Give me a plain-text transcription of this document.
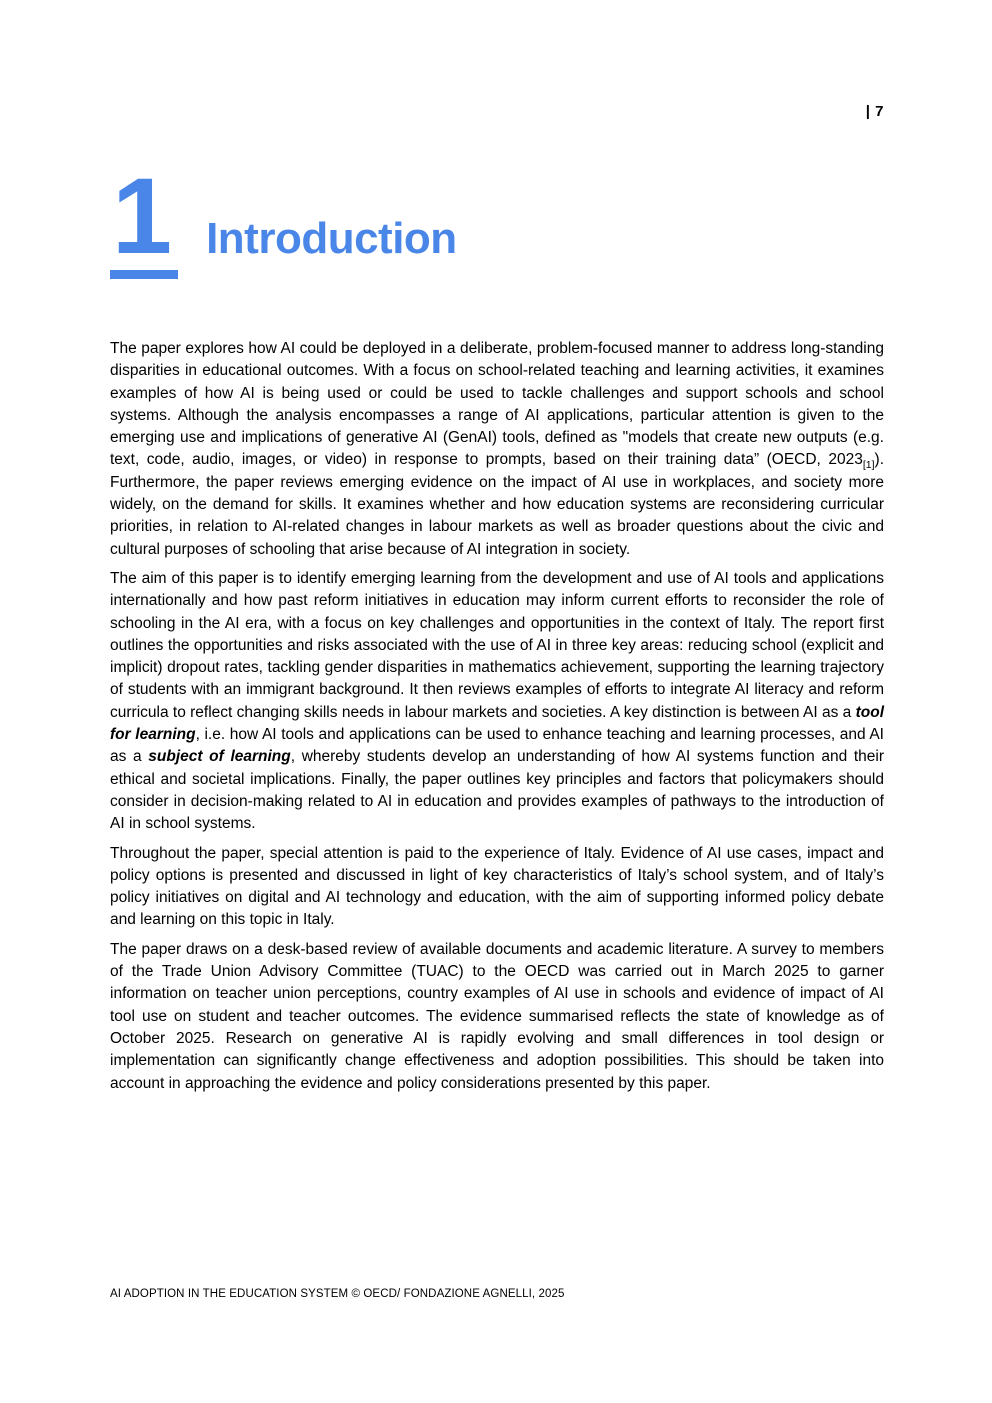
| 7
1 Introduction

The paper explores how AI could be deployed in a deliberate, problem-focused manner to address long-standing disparities in educational outcomes. With a focus on school-related teaching and learning activities, it examines examples of how AI is being used or could be used to tackle challenges and support schools and school systems. Although the analysis encompasses a range of AI applications, particular attention is given to the emerging use and implications of generative AI (GenAI) tools, defined as "models that create new outputs (e.g. text, code, audio, images, or video) in response to prompts, based on their training data” (OECD, $2023_{[1]}$). Furthermore, the paper reviews emerging evidence on the impact of AI use in workplaces, and society more widely, on the demand for skills. It examines whether and how education systems are reconsidering curricular priorities, in relation to AI-related changes in labour markets as well as broader questions about the civic and cultural purposes of schooling that arise because of AI integration in society.

The aim of this paper is to identify emerging learning from the development and use of AI tools and applications internationally and how past reform initiatives in education may inform current efforts to reconsider the role of schooling in the AI era, with a focus on key challenges and opportunities in the context of Italy. The report first outlines the opportunities and risks associated with the use of AI in three key areas: reducing school (explicit and implicit) dropout rates, tackling gender disparities in mathematics achievement, supporting the learning trajectory of students with an immigrant background. It then reviews examples of efforts to integrate AI literacy and reform curricula to reflect changing skills needs in labour markets and societies. A key distinction is between AI as a tool for learning, i.e. how AI tools and applications can be used to enhance teaching and learning processes, and AI as a subject of learning, whereby students develop an understanding of how AI systems function and their ethical and societal implications. Finally, the paper outlines key principles and factors that policymakers should consider in decision-making related to AI in education and provides examples of pathways to the introduction of AI in school systems.

Throughout the paper, special attention is paid to the experience of Italy. Evidence of AI use cases, impact and policy options is presented and discussed in light of key characteristics of Italy’s school system, and of Italy’s policy initiatives on digital and AI technology and education, with the aim of supporting informed policy debate and learning on this topic in Italy.

The paper draws on a desk-based review of available documents and academic literature. A survey to members of the Trade Union Advisory Committee (TUAC) to the OECD was carried out in March 2025 to garner information on teacher union perceptions, country examples of AI use in schools and evidence of impact of AI tool use on student and teacher outcomes. The evidence summarised reflects the state of knowledge as of October 2025. Research on generative AI is rapidly evolving and small differences in tool design or implementation can significantly change effectiveness and adoption possibilities. This should be taken into account in approaching the evidence and policy considerations presented by this paper.

AI ADOPTION IN THE EDUCATION SYSTEM © OECD/ FONDAZIONE AGNELLI, 2025
